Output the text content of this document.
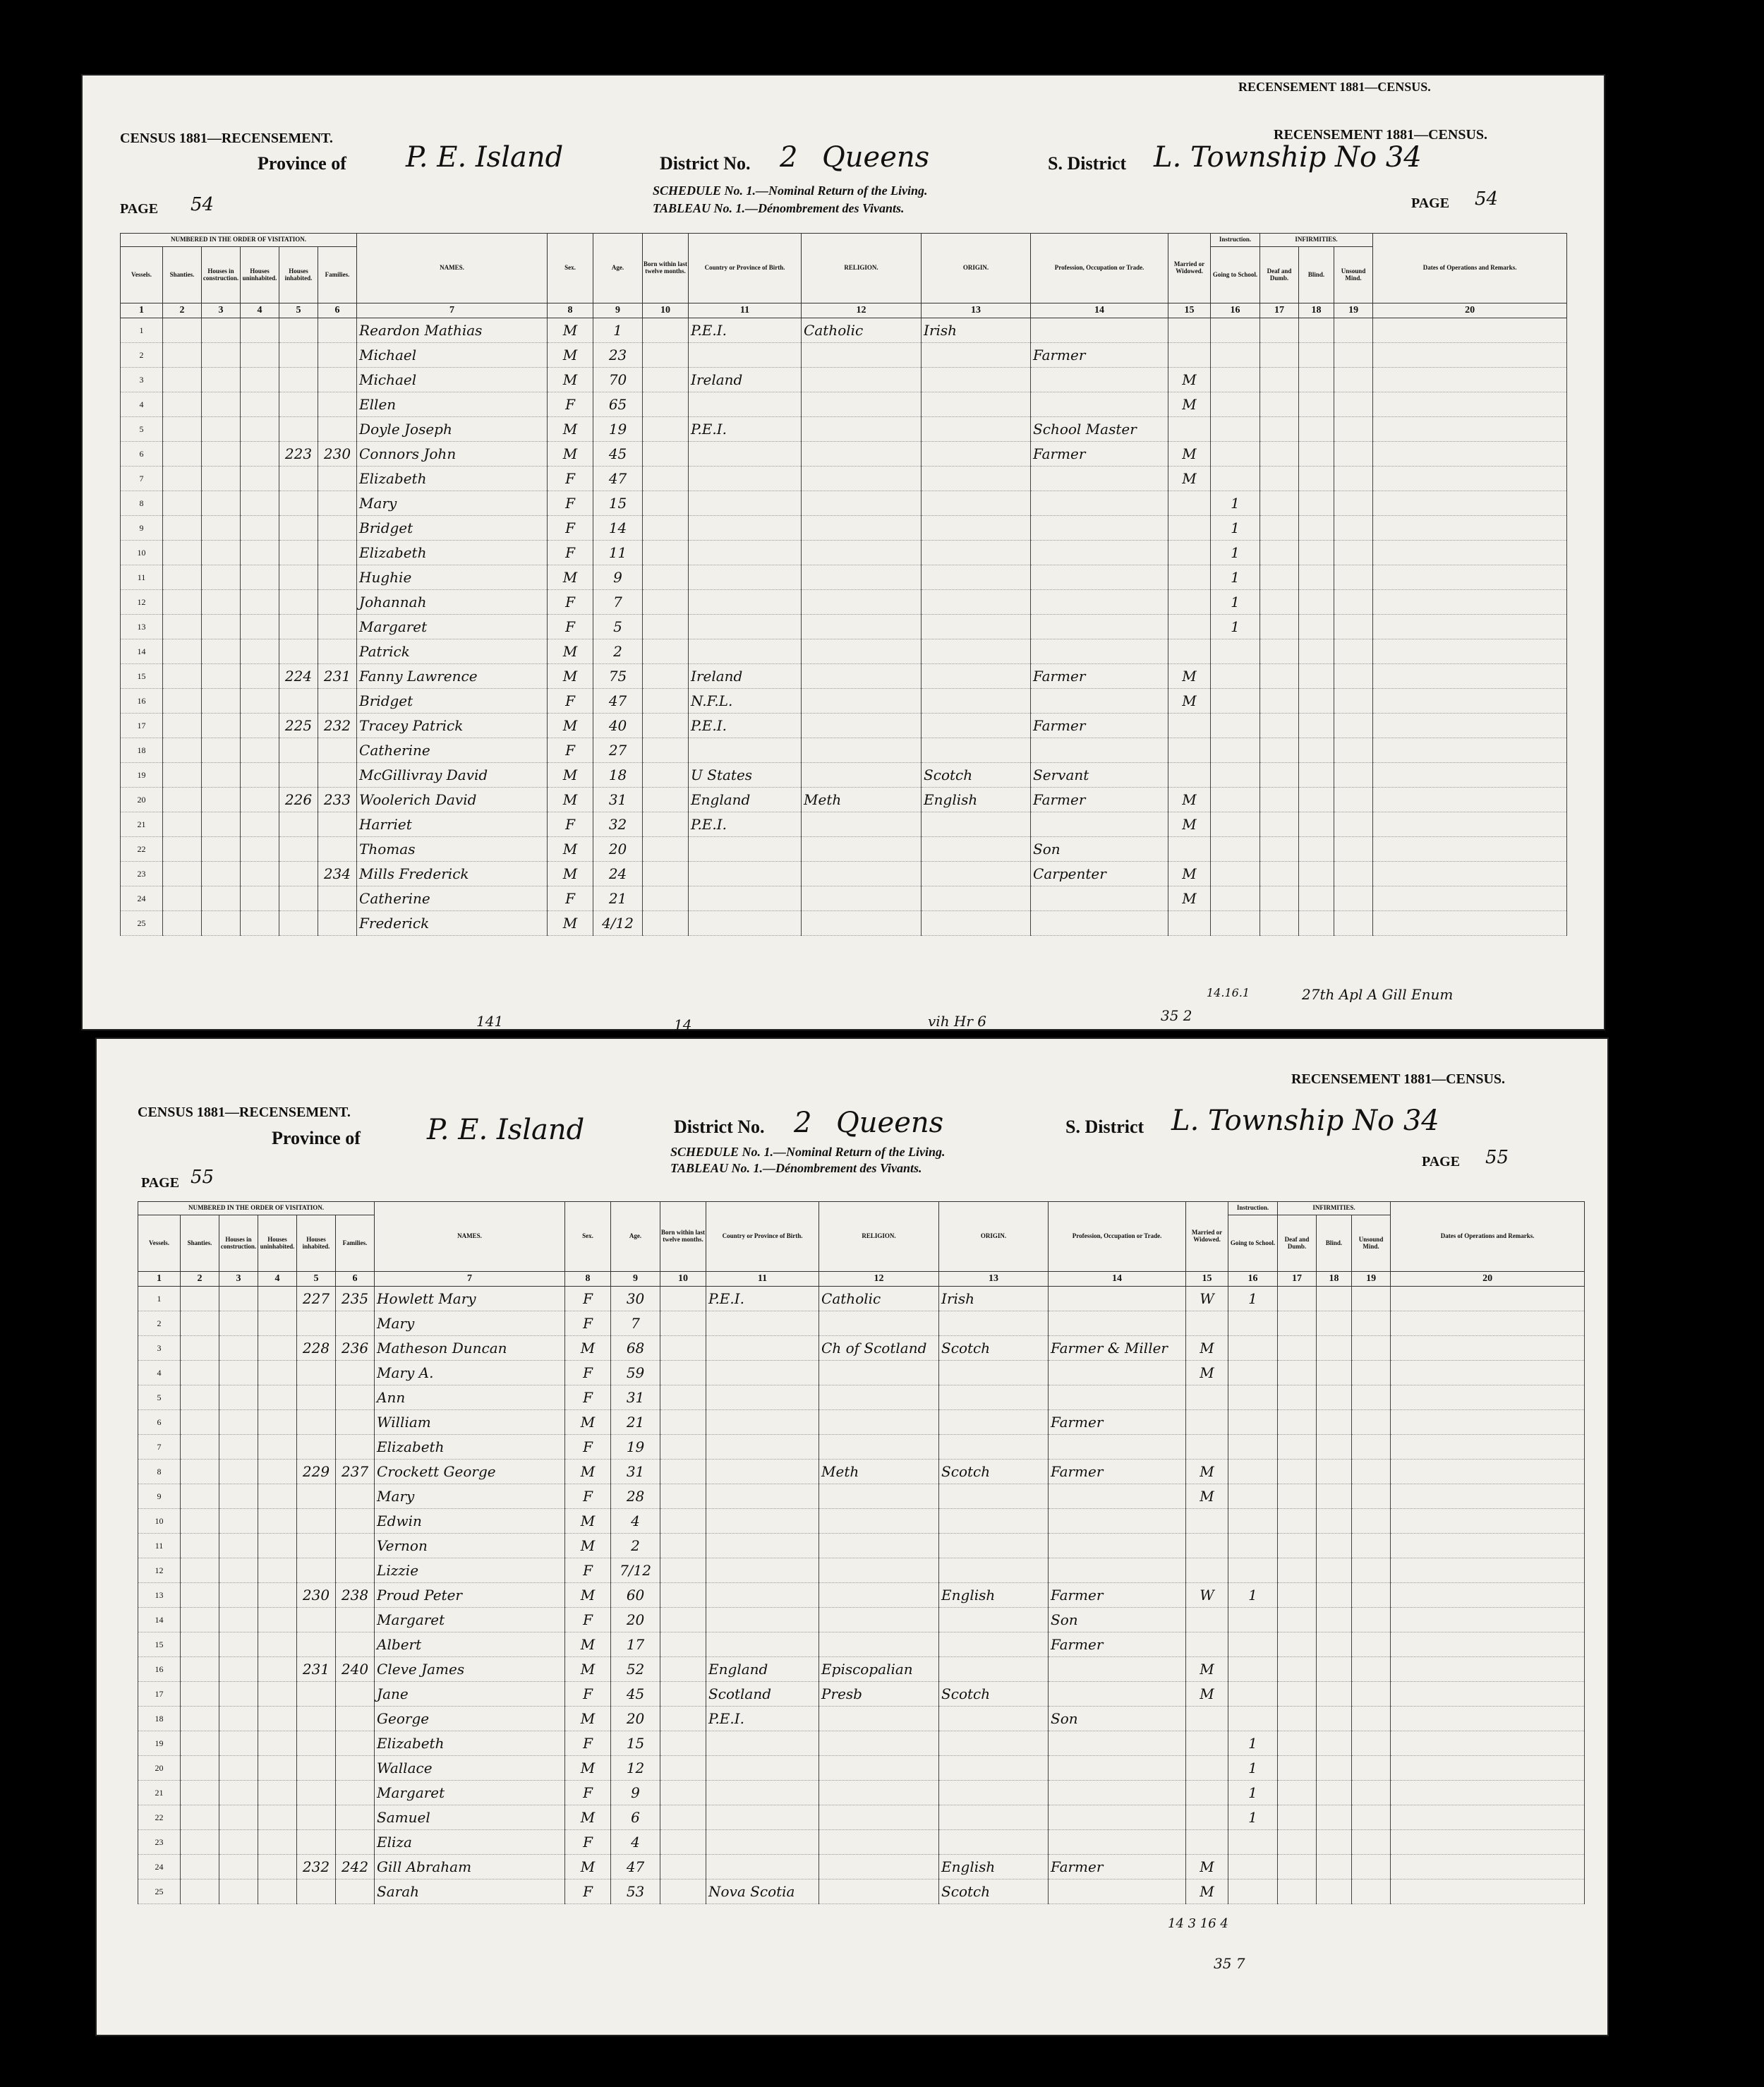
RECENSEMENT 1881—CENSUS.
CENSUS 1881—RECENSEMENT.	RECENSEMENT 1881—CENSUS.
Province of P. E. Island	District No. 2 Queens	S. District L. Township No 34
SCHEDULE No. 1.—Nominal Return of the Living.
TABLEAU No. 1.—Dénombrement des Vivants.
PAGE 54	PAGE 54
NUMBERED IN THE ORDER OF VISITATION.						NAMES.	Sex.	Age.	Born within last twelve months.	Country or Province of Birth.	RELIGION.	ORIGIN.	Profession, Occupation or Trade.	Married or Widowed.	Instruction.	INFIRMITIES.			Dates of Operations and Remarks.
Vessels.	Shanties.	Houses in construction.	Houses uninhabited.	Houses inhabited.	Families.										Going to School.	Deaf and Dumb.	Blind.	Unsound Mind.	
1	2	3	4	5	6	7	8	9	10	11	12	13	14	15	16	17	18	19	20
1						Reardon Mathias	M	1		P.E.I.	Catholic	Irish							
2						Michael	M	23					Farmer						
3						Michael	M	70		Ireland				M					
4						Ellen	F	65						M					
5						Doyle Joseph	M	19		P.E.I.			School Master						
6				223	230	Connors John	M	45					Farmer	M					
7						Elizabeth	F	47						M					
8						Mary	F	15							1				
9						Bridget	F	14							1				
10						Elizabeth	F	11							1				
11						Hughie	M	9							1				
12						Johannah	F	7							1				
13						Margaret	F	5							1				
14						Patrick	M	2											
15				224	231	Fanny Lawrence	M	75		Ireland			Farmer	M					
16						Bridget	F	47		N.F.L.				M					
17				225	232	Tracey Patrick	M	40		P.E.I.			Farmer						
18						Catherine	F	27											
19						McGillivray David	M	18		U States		Scotch	Servant						
20				226	233	Woolerich David	M	31		England	Meth	English	Farmer	M					
21						Harriet	F	32		P.E.I.				M					
22						Thomas	M	20					Son						
23					234	Mills Frederick	M	24					Carpenter	M					
24						Catherine	F	21						M					
25						Frederick	M	4/12											
27th Apl A Gill Enum
14.16.1
141	14	vih Hr 6	35 2
CENSUS 1881—RECENSEMENT.
RECENSEMENT 1881—CENSUS.
Province of P. E. Island	District No. 2 Queens	S. District L. Township No 34
SCHEDULE No. 1.—Nominal Return of the Living.
TABLEAU No. 1.—Dénombrement des Vivants.
PAGE 55
PAGE 55
NUMBERED IN THE ORDER OF VISITATION.						NAMES.	Sex.	Age.	Born within last twelve months.	Country or Province of Birth.	RELIGION.	ORIGIN.	Profession, Occupation or Trade.	Married or Widowed.	Instruction.	INFIRMITIES.			Dates of Operations and Remarks.
Vessels.	Shanties.	Houses in construction.	Houses uninhabited.	Houses inhabited.	Families.										Going to School.	Deaf and Dumb.	Blind.	Unsound Mind.	
1	2	3	4	5	6	7	8	9	10	11	12	13	14	15	16	17	18	19	20
1				227	235	Howlett Mary	F	30		P.E.I.	Catholic	Irish		W	1				
2						Mary	F	7											
3				228	236	Matheson Duncan	M	68			Ch of Scotland	Scotch	Farmer & Miller	M					
4						Mary A.	F	59						M					
5						Ann	F	31											
6						William	M	21					Farmer						
7						Elizabeth	F	19											
8				229	237	Crockett George	M	31			Meth	Scotch	Farmer	M					
9						Mary	F	28						M					
10						Edwin	M	4											
11						Vernon	M	2											
12						Lizzie	F	7/12											
13				230	238	Proud Peter	M	60				English	Farmer	W	1				
14						Margaret	F	20					Son						
15						Albert	M	17					Farmer						
16				231	240	Cleve James	M	52		England	Episcopalian			M					
17						Jane	F	45		Scotland	Presb	Scotch		M					
18						George	M	20		P.E.I.			Son						
19						Elizabeth	F	15							1				
20						Wallace	M	12							1				
21						Margaret	F	9							1				
22						Samuel	M	6							1				
23						Eliza	F	4											
24				232	242	Gill Abraham	M	47				English	Farmer	M					
25						Sarah	F	53		Nova Scotia		Scotch		M					
14 3 16 4
35 7
